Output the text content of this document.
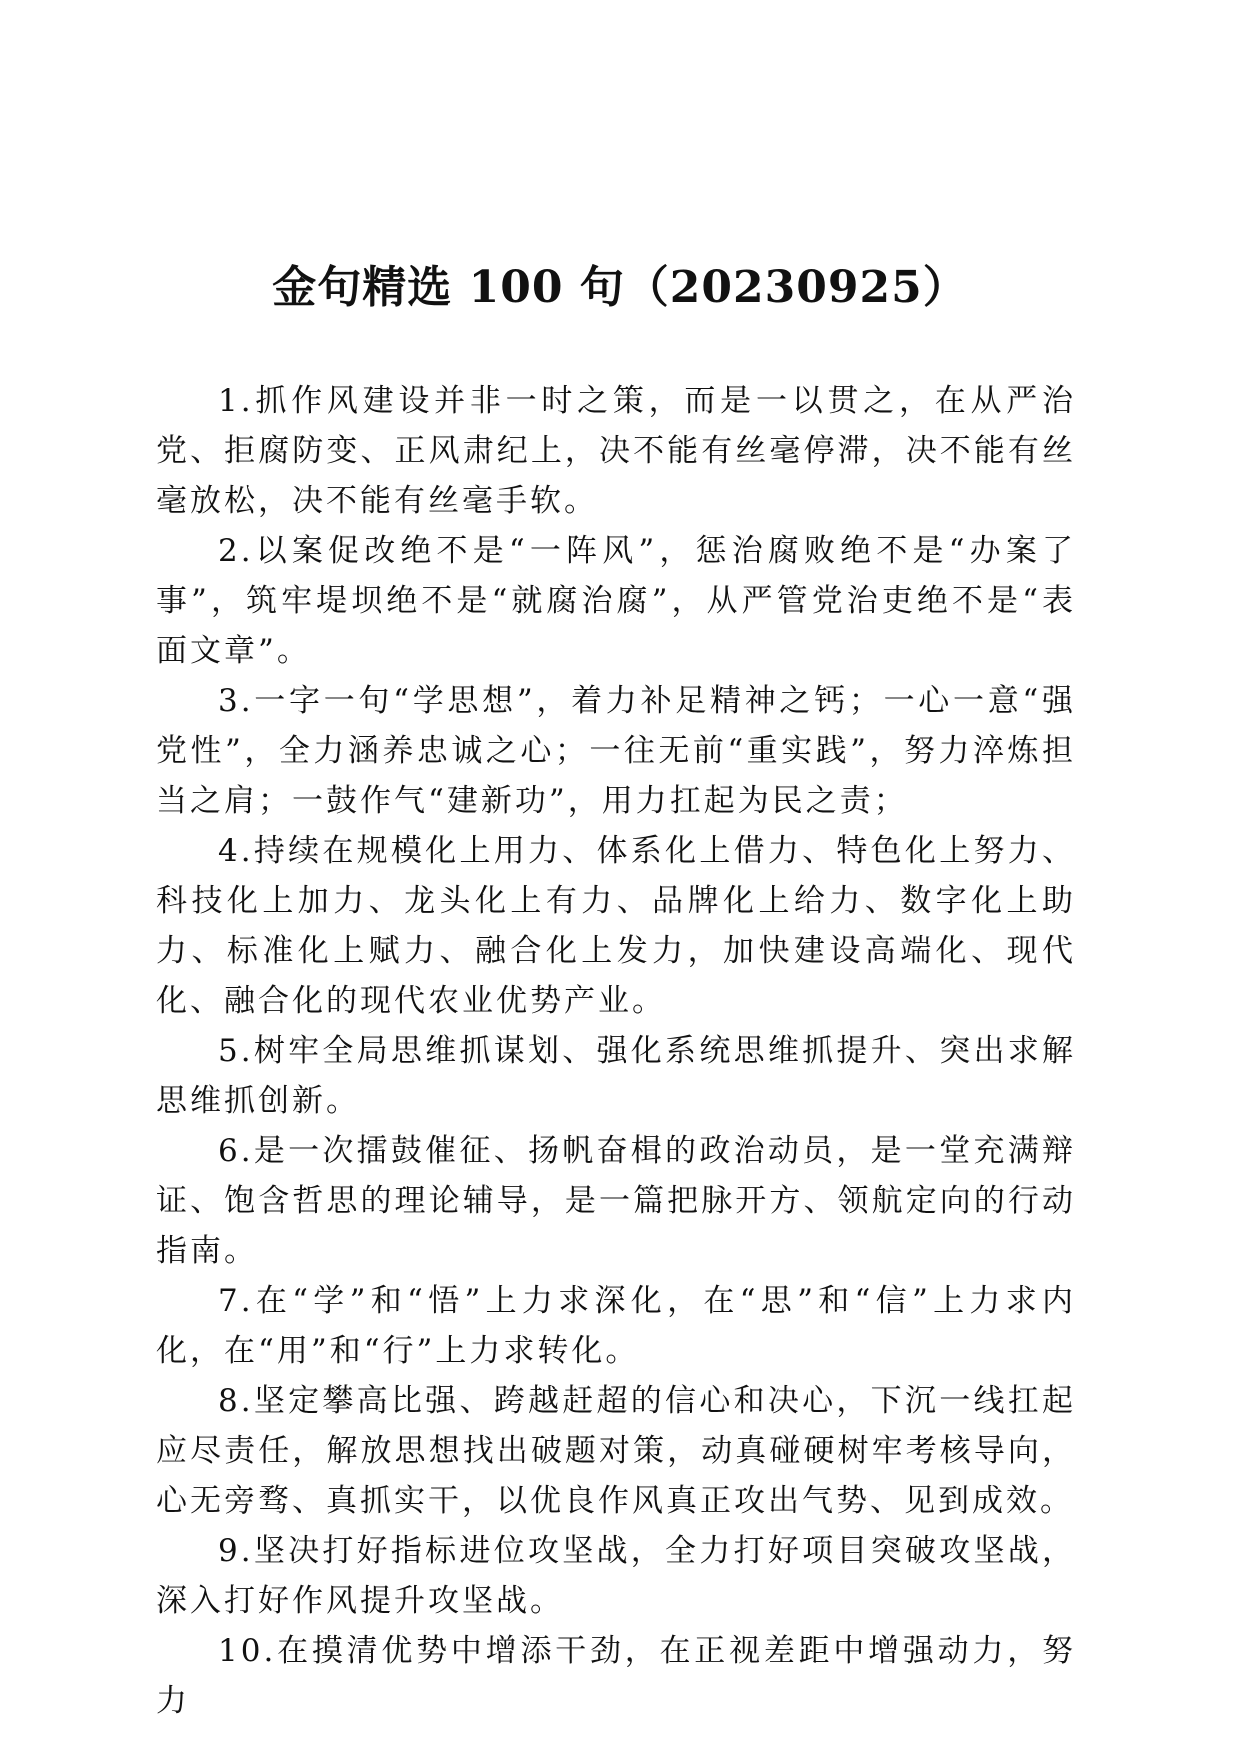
金句精选 100 句（20230925）

1.抓作风建设并非一时之策，而是一以贯之，在从严治党、拒腐防变、正风肃纪上，决不能有丝毫停滞，决不能有丝毫放松，决不能有丝毫手软。

2.以案促改绝不是“一阵风”，惩治腐败绝不是“办案了事”，筑牢堤坝绝不是“就腐治腐”，从严管党治吏绝不是“表面文章”。

3.一字一句“学思想”，着力补足精神之钙；一心一意“强党性”，全力涵养忠诚之心；一往无前“重实践”，努力淬炼担当之肩；一鼓作气“建新功”，用力扛起为民之责；

4.持续在规模化上用力、体系化上借力、特色化上努力、科技化上加力、龙头化上有力、品牌化上给力、数字化上助力、标准化上赋力、融合化上发力，加快建设高端化、现代化、融合化的现代农业优势产业。

5.树牢全局思维抓谋划、强化系统思维抓提升、突出求解思维抓创新。

6.是一次擂鼓催征、扬帆奋楫的政治动员，是一堂充满辩证、饱含哲思的理论辅导，是一篇把脉开方、领航定向的行动指南。

7.在“学”和“悟”上力求深化，在“思”和“信”上力求内化，在“用”和“行”上力求转化。

8.坚定攀高比强、跨越赶超的信心和决心，下沉一线扛起应尽责任，解放思想找出破题对策，动真碰硬树牢考核导向，心无旁骛、真抓实干，以优良作风真正攻出气势、见到成效。

9.坚决打好指标进位攻坚战，全力打好项目突破攻坚战，深入打好作风提升攻坚战。

10.在摸清优势中增添干劲，在正视差距中增强动力，努力
